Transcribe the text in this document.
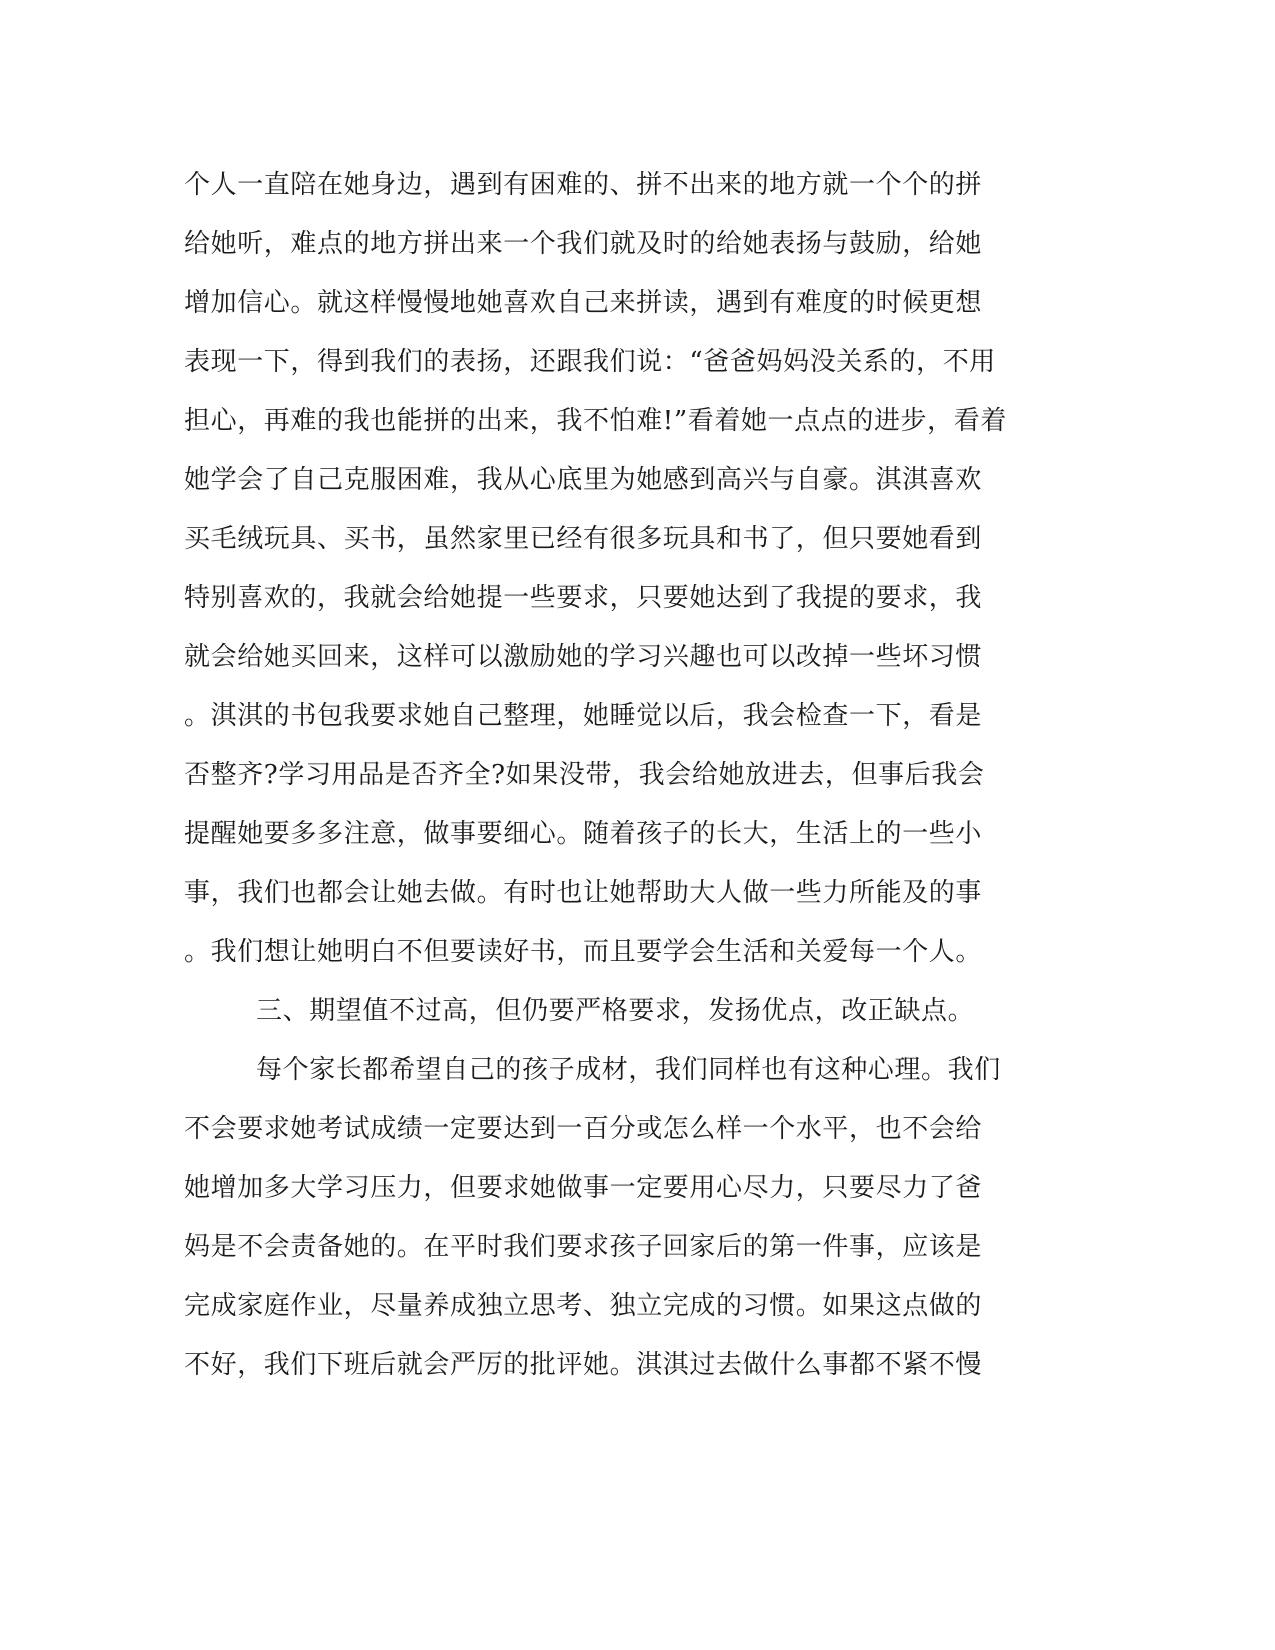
个人一直陪在她身边，遇到有困难的、拼不出来的地方就一个个的拼
给她听，难点的地方拼出来一个我们就及时的给她表扬与鼓励，给她
增加信心。就这样慢慢地她喜欢自己来拼读，遇到有难度的时候更想
表现一下，得到我们的表扬，还跟我们说：“爸爸妈妈没关系的，不用
担心，再难的我也能拼的出来，我不怕难!”看着她一点点的进步，看着
她学会了自己克服困难，我从心底里为她感到高兴与自豪。淇淇喜欢
买毛绒玩具、买书，虽然家里已经有很多玩具和书了，但只要她看到
特别喜欢的，我就会给她提一些要求，只要她达到了我提的要求，我
就会给她买回来，这样可以激励她的学习兴趣也可以改掉一些坏习惯
。淇淇的书包我要求她自己整理，她睡觉以后，我会检查一下，看是
否整齐?学习用品是否齐全?如果没带，我会给她放进去，但事后我会
提醒她要多多注意，做事要细心。随着孩子的长大，生活上的一些小
事，我们也都会让她去做。有时也让她帮助大人做一些力所能及的事
。我们想让她明白不但要读好书，而且要学会生活和关爱每一个人。
三、期望值不过高，但仍要严格要求，发扬优点，改正缺点。
每个家长都希望自己的孩子成材，我们同样也有这种心理。我们
不会要求她考试成绩一定要达到一百分或怎么样一个水平，也不会给
她增加多大学习压力，但要求她做事一定要用心尽力，只要尽力了爸
妈是不会责备她的。在平时我们要求孩子回家后的第一件事，应该是
完成家庭作业，尽量养成独立思考、独立完成的习惯。如果这点做的
不好，我们下班后就会严厉的批评她。淇淇过去做什么事都不紧不慢
